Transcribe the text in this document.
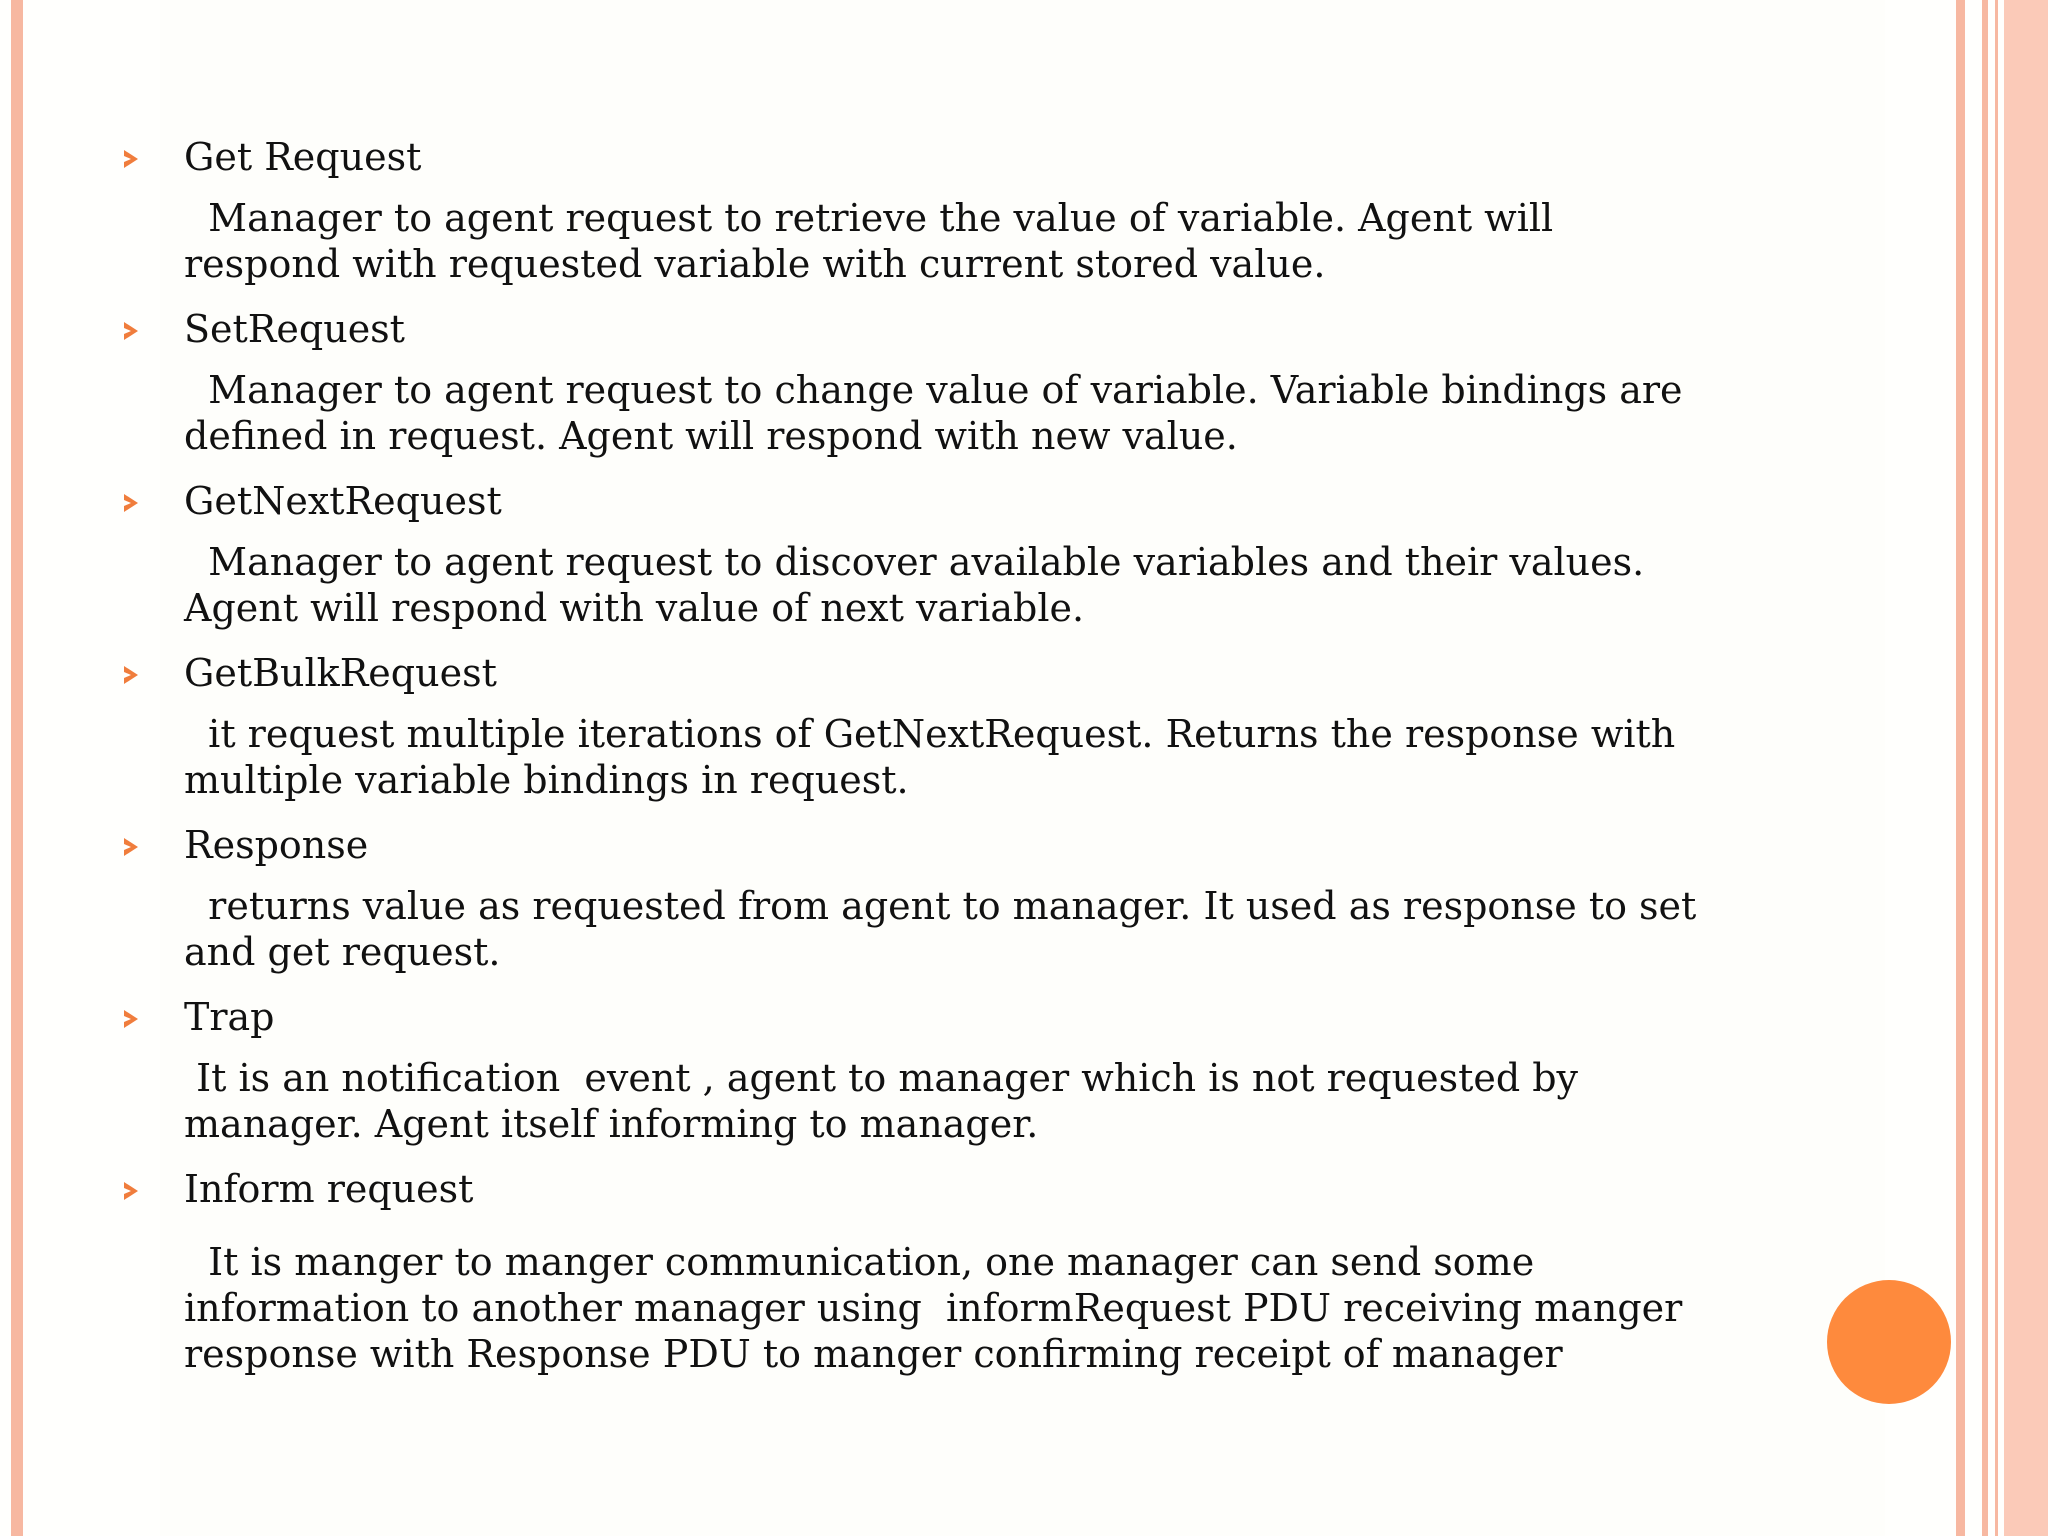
Get Request

Manager to agent request to retrieve the value of variable. Agent will
respond with requested variable with current stored value.

SetRequest

Manager to agent request to change value of variable. Variable bindings are
defined in request. Agent will respond with new value.

GetNextRequest

Manager to agent request to discover available variables and their values.
Agent will respond with value of next variable.

GetBulkRequest

it request multiple iterations of GetNextRequest. Returns the response with
multiple variable bindings in request.

Response

returns value as requested from agent to manager. It used as response to set
and get request.

Trap

It is an notification  event , agent to manager which is not requested by
manager. Agent itself informing to manager.

Inform request

It is manger to manger communication, one manager can send some
information to another manager using  informRequest PDU receiving manger
response with Response PDU to manger confirming receipt of manager
